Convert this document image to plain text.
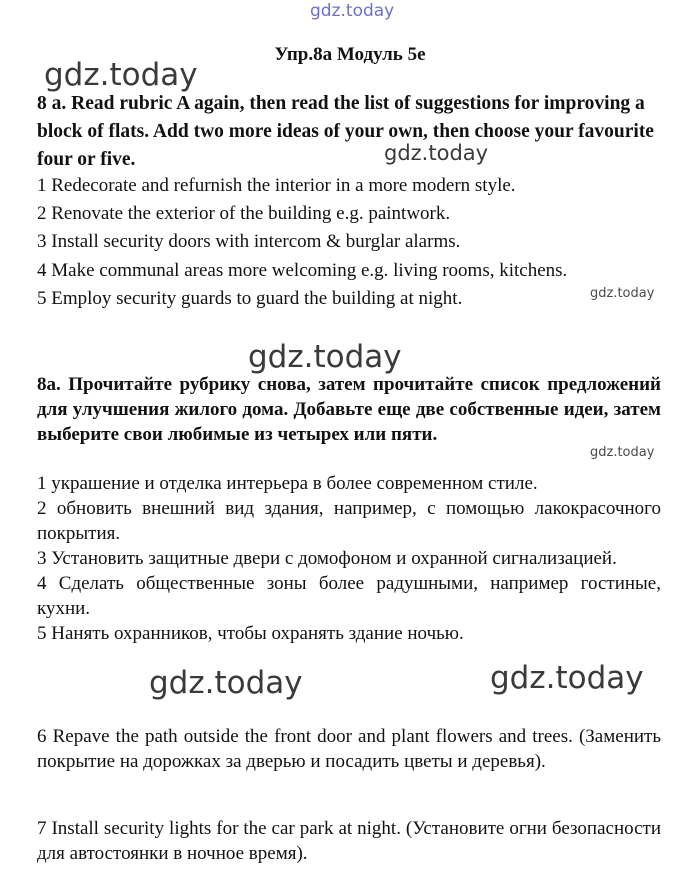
gdz.today
gdz.today
gdz.today
gdz.today
gdz.today
gdz.today
gdz.today	gdz.today
Упр.8а Модуль 5е
8 a. Read rubric A again, then read the list of suggestions for improving a block of flats. Add two more ideas of your own, then choose your favourite four or five.
1 Redecorate and refurnish the interior in a more modern style.
2 Renovate the exterior of the building e.g. paintwork.
3 Install security doors with intercom & burglar alarms.
4 Make communal areas more welcoming e.g. living rooms, kitchens.
5 Employ security guards to guard the building at night.
8а. Прочитайте рубрику снова, затем прочитайте список предложений для улучшения жилого дома. Добавьте еще две собственные идеи, затем выберите свои любимые из четырех или пяти.
1 украшение и отделка интерьера в более современном стиле.
2 обновить внешний вид здания, например, с помощью лакокрасочного покрытия.
3 Установить защитные двери с домофоном и охранной сигнализацией.
4 Сделать общественные зоны более радушными, например гостиные, кухни.
5 Нанять охранников, чтобы охранять здание ночью.
6 Repave the path outside the front door and plant flowers and trees. (Заменить покрытие на дорожках за дверью и посадить цветы и деревья).
7 Install security lights for the car park at night. (Установите огни безопасности для автостоянки в ночное время).
